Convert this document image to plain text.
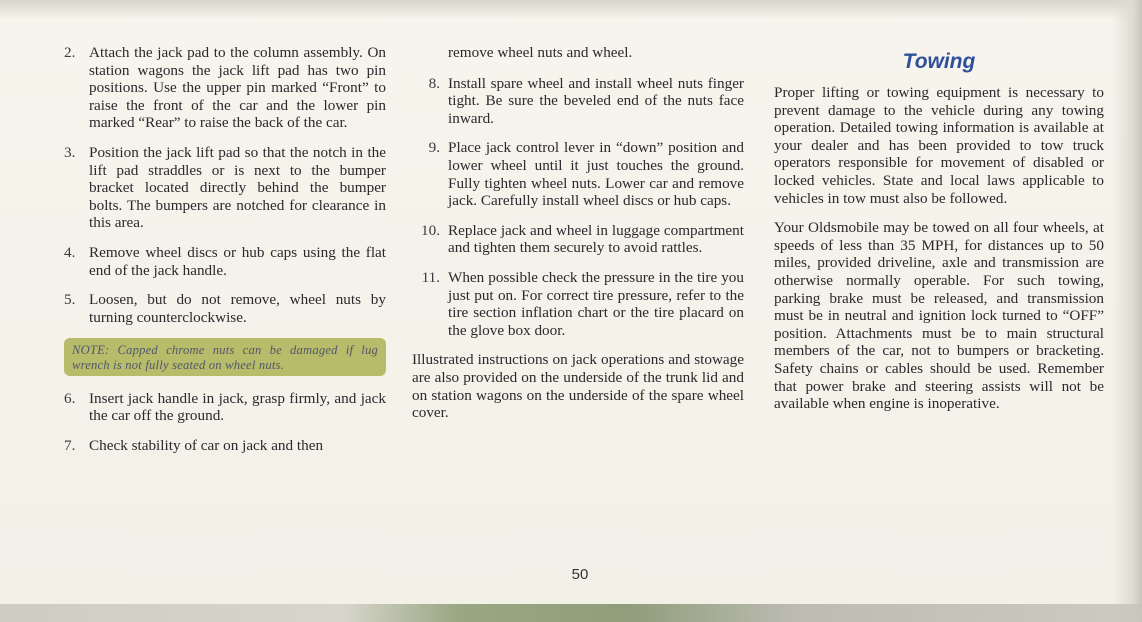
2. Attach the jack pad to the column assembly. On station wagons the jack lift pad has two pin positions. Use the upper pin marked “Front” to raise the front of the car and the lower pin marked “Rear” to raise the back of the car.
3. Position the jack lift pad so that the notch in the lift pad straddles or is next to the bumper bracket located directly behind the bumper bolts. The bumpers are notched for clearance in this area.
4. Remove wheel discs or hub caps using the flat end of the jack handle.
5. Loosen, but do not remove, wheel nuts by turning counterclockwise.
NOTE: Capped chrome nuts can be damaged if lug wrench is not fully seated on wheel nuts.
6. Insert jack handle in jack, grasp firmly, and jack the car off the ground.
7. Check stability of car on jack and then
remove wheel nuts and wheel.
8. Install spare wheel and install wheel nuts finger tight. Be sure the beveled end of the nuts face inward.
9. Place jack control lever in “down” position and lower wheel until it just touches the ground. Fully tighten wheel nuts. Lower car and remove jack. Carefully install wheel discs or hub caps.
10. Replace jack and wheel in luggage compartment and tighten them securely to avoid rattles.
11. When possible check the pressure in the tire you just put on. For correct tire pressure, refer to the tire section inflation chart or the tire placard on the glove box door.

Illustrated instructions on jack operations and stowage are also provided on the underside of the trunk lid and on station wagons on the underside of the spare wheel cover.

Towing

Proper lifting or towing equipment is necessary to prevent damage to the vehicle during any towing operation. Detailed towing information is available at your dealer and has been provided to tow truck operators responsible for movement of disabled or locked vehicles. State and local laws applicable to vehicles in tow must also be followed.

Your Oldsmobile may be towed on all four wheels, at speeds of less than 35 MPH, for distances up to 50 miles, provided driveline, axle and transmission are otherwise normally operable. For such towing, parking brake must be released, and transmission must be in neutral and ignition lock turned to “OFF” position. Attachments must be to main structural members of the car, not to bumpers or bracketing. Safety chains or cables should be used. Remember that power brake and steering assists will not be available when engine is inoperative.

50
